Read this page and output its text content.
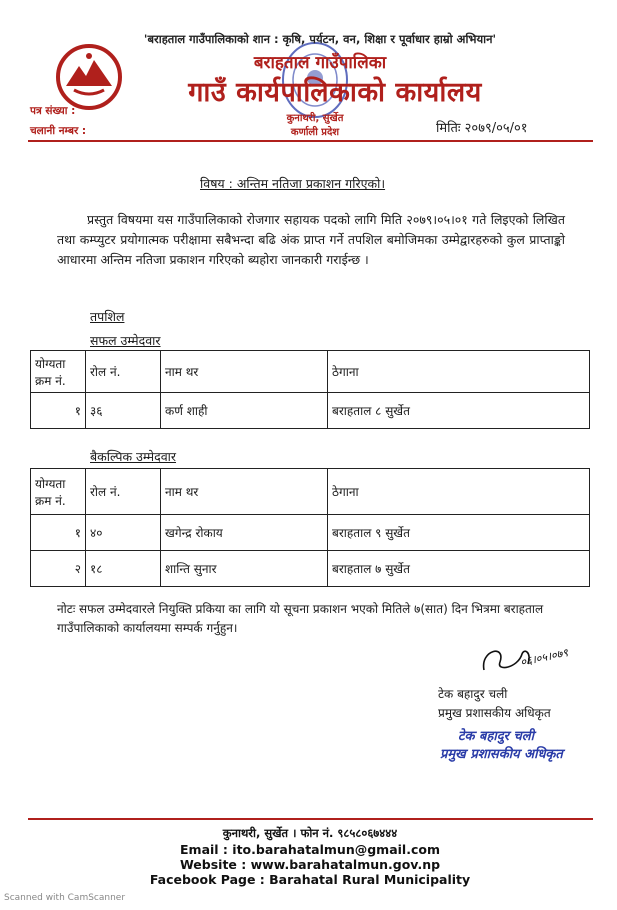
'बराहताल गाउँपालिकाको शान : कृषि, पर्यटन, वन, शिक्षा र पूर्वाधार हाम्रो अभियान'
बराहताल गाउँपालिका
गाउँ कार्यपालिकाको कार्यालय
कुनाथरी, सुर्खेत
कर्णाली प्रदेश
पत्र संख्या :
चलानी नम्बर :	मितिः २०७९/०५/०१
विषय : अन्तिम नतिजा प्रकाशन गरिएको।
प्रस्तुत विषयमा यस गाउँपालिकाको रोजगार सहायक पदको लागि मिति २०७९।०५।०१ गते लिइएको लिखित तथा कम्प्युटर प्रयोगात्मक परीक्षामा सबैभन्दा बढि अंक प्राप्त गर्ने तपशिल बमोजिमका उम्मेद्वारहरुको कुल प्राप्ताङ्को आधारमा अन्तिम नतिजा प्रकाशन गरिएको ब्यहोरा जानकारी गराईन्छ ।
तपशिल
सफल उम्मेदवार
योग्यता क्रम नं.	रोल नं.	नाम थर	ठेगाना
१	३६	कर्ण शाही	बराहताल ८ सुर्खेत
बैकल्पिक उम्मेदवार
योग्यता क्रम नं.	रोल नं.	नाम थर	ठेगाना
१	४०	खगेन्द्र रोकाय	बराहताल ९ सुर्खेत
२	१८	शान्ति सुनार	बराहताल ७ सुर्खेत
नोटः सफल उम्मेदवारले नियुक्ति प्रकिया का लागि यो सूचना प्रकाशन भएको मितिले ७(सात) दिन भित्रमा बराहताल गाउँपालिकाको कार्यालयमा सम्पर्क गर्नुहुन।
०६।०५।०७९
टेक बहादुर चली
प्रमुख प्रशासकीय अधिकृत
टेक बहादुर चली
प्रमुख प्रशासकीय अधिकृत
कुनाथरी, सुर्खेत । फोन नं. ९८५८०६७४४४
Email : ito.barahatalmun@gmail.com
Website : www.barahatalmun.gov.np
Facebook Page : Barahatal Rural Municipality
Scanned with CamScanner
